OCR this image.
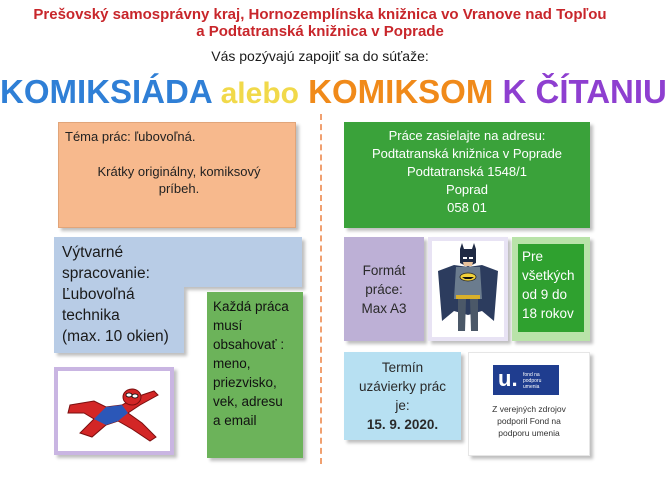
Prešovský samosprávny kraj, Hornozemplínska knižnica vo Vranove nad Topľou
a Podtatranská knižnica v Poprade
Vás pozývajú zapojiť sa do súťaže:
KOMIKSIÁDA alebo KOMIKSOM K ČÍTANIU

Téma prác: ľubovoľná.

Krátky originálny, komiksový príbeh.

Výtvarné
spracovanie:
Ľubovoľná
technika
(max. 10 okien)
Každá práca
musí
obsahovať :
meno,
priezvisko,
vek, adresu
a email
Práce zasielajte na adresu:
Podtatranská knižnica v Poprade
Podtatranská 1548/1
Poprad
058 01
Formát
práce:
Max A3
Pre
všetkých
od 9 do
18 rokov
Termín
uzávierky prác
je:
15. 9. 2020.
u. fond na podporu umenia
Z verejných zdrojov
podporil Fond na
podporu umenia
